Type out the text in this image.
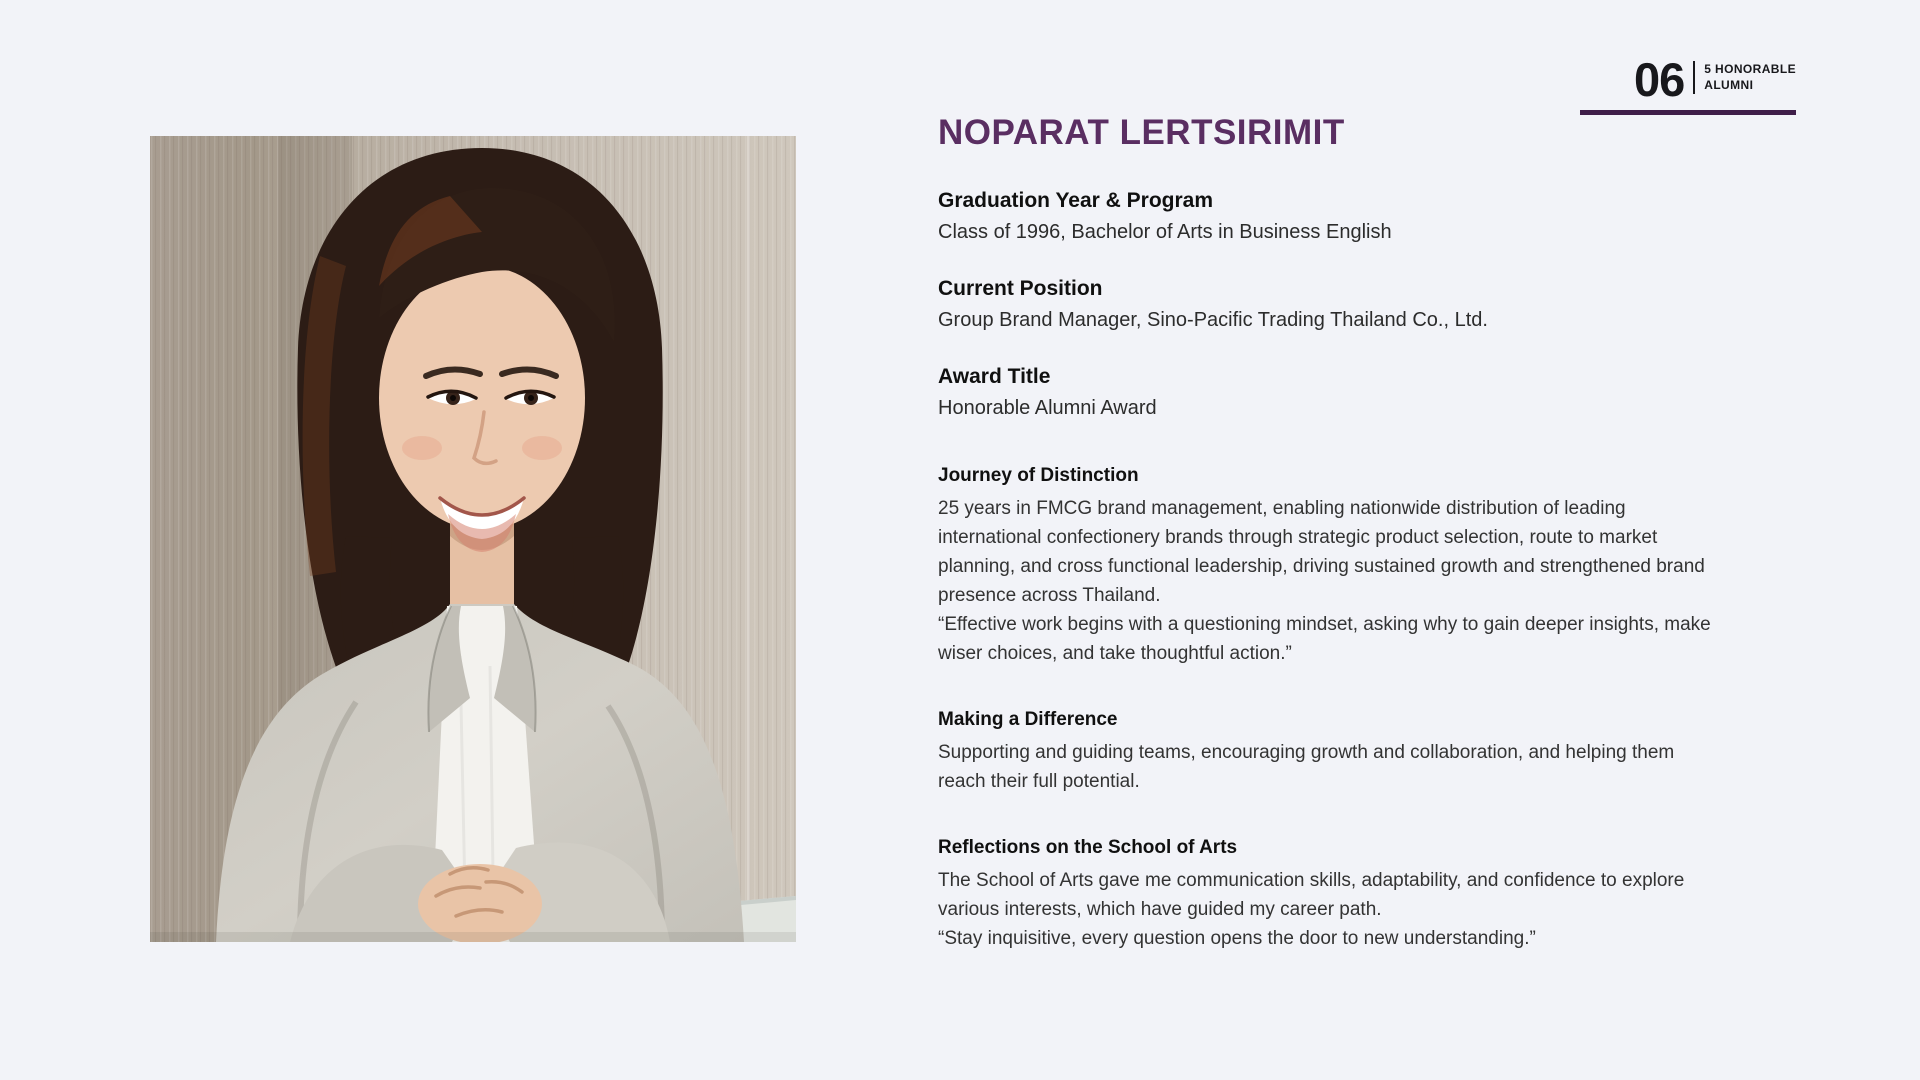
06 5 HONORABLE
ALUMNI
NOPARAT LERTSIRIMIT
Graduation Year & Program
Class of 1996, Bachelor of Arts in Business English
Current Position
Group Brand Manager, Sino-Pacific Trading Thailand Co., Ltd.
Award Title
Honorable Alumni Award
Journey of Distinction
25 years in FMCG brand management, enabling nationwide distribution of leading international confectionery brands through strategic product selection, route to market planning, and cross functional leadership, driving sustained growth and strengthened brand presence across Thailand.
“Effective work begins with a questioning mindset, asking why to gain deeper insights, make wiser choices, and take thoughtful action.”
Making a Difference
Supporting and guiding teams, encouraging growth and collaboration, and helping them reach their full potential.
Reflections on the School of Arts
The School of Arts gave me communication skills, adaptability, and confidence to explore various interests, which have guided my career path.
“Stay inquisitive, every question opens the door to new understanding.”
